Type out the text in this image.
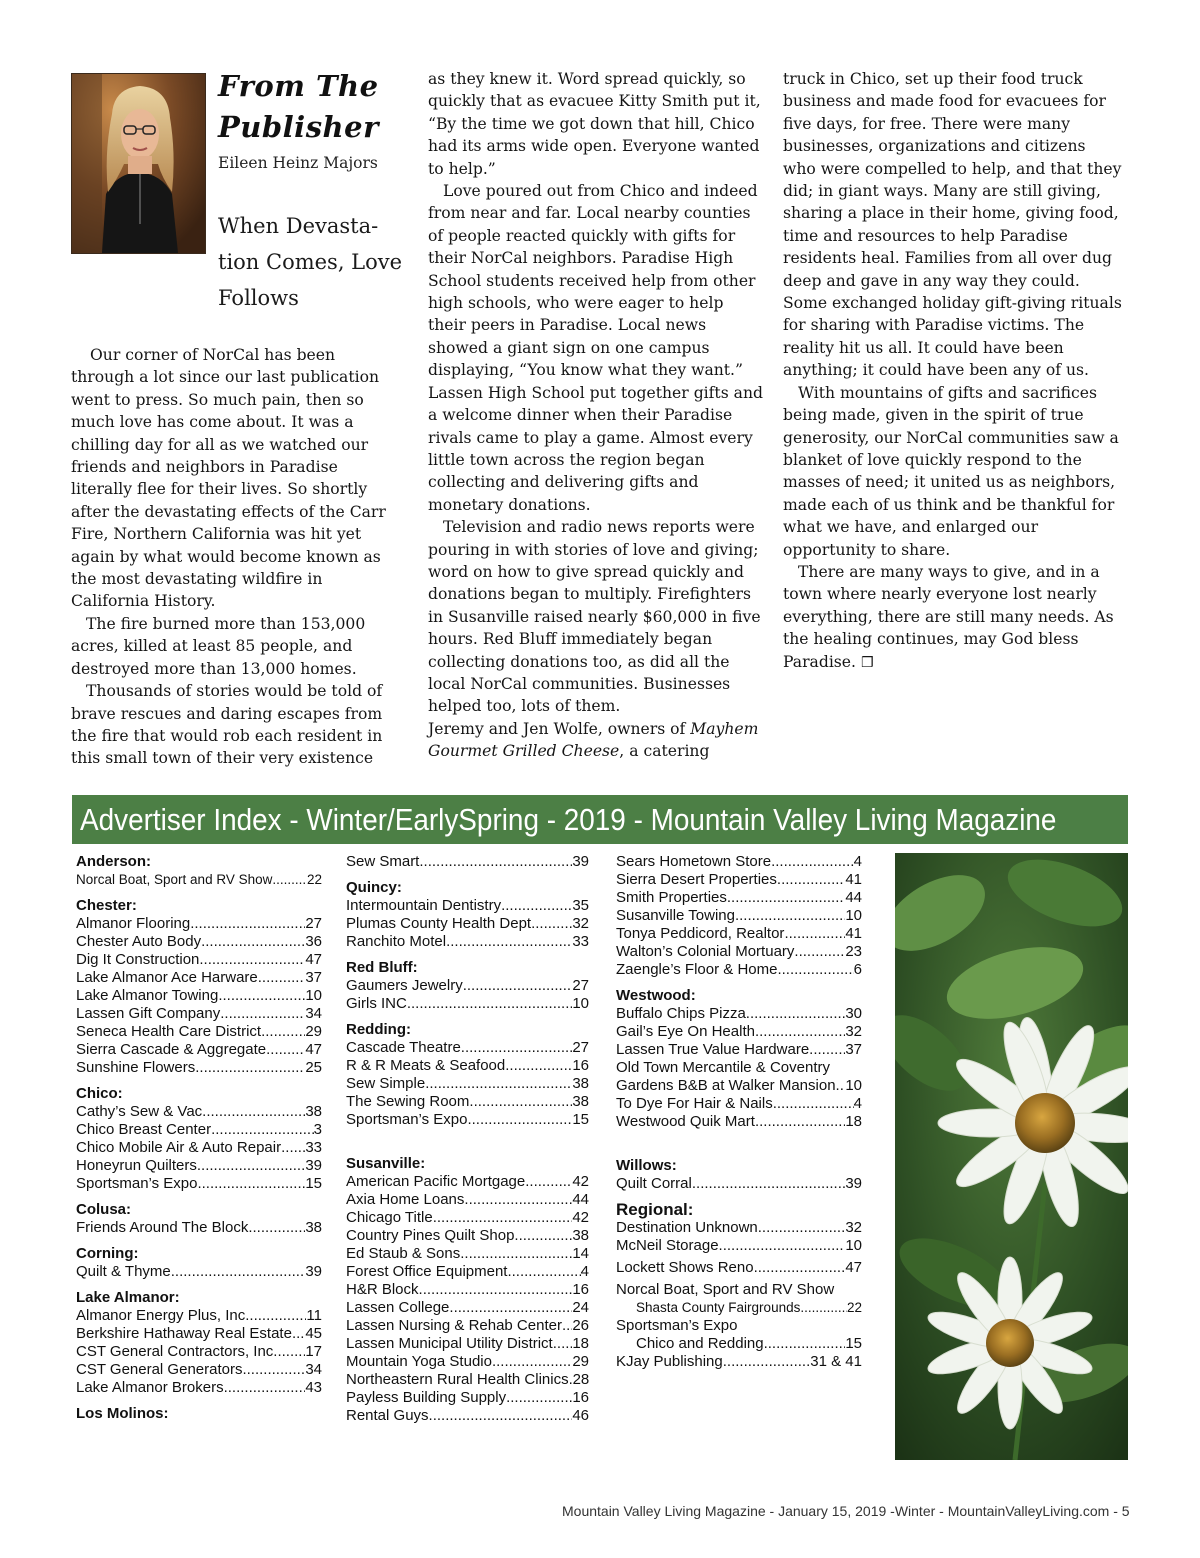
From The
Publisher
Eileen Heinz Majors
When Devasta-
tion Comes, Love
Follows

Our corner of NorCal has been through a lot since our last publication went to press. So much pain, then so much love has come about. It was a chilling day for all as we watched our friends and neighbors in Paradise literally flee for their lives. So shortly after the devastating effects of the Carr Fire, Northern California was hit yet again by what would become known as the most devastating wildfire in California History.

The fire burned more than 153,000 acres, killed at least 85 people, and destroyed more than 13,000 homes.

Thousands of stories would be told of brave rescues and daring escapes from the fire that would rob each resident in this small town of their very existence

as they knew it. Word spread quickly, so quickly that as evacuee Kitty Smith put it, “By the time we got down that hill, Chico had its arms wide open. Everyone wanted to help.”

Love poured out from Chico and indeed from near and far. Local nearby counties of people reacted quickly with gifts for their NorCal neighbors. Paradise High School students received help from other high schools, who were eager to help their peers in Paradise. Local news showed a giant sign on one campus displaying, “You know what they want.” Lassen High School put together gifts and a welcome dinner when their Paradise rivals came to play a game. Almost every little town across the region began collecting and delivering gifts and monetary donations.

Television and radio news reports were pouring in with stories of love and giving; word on how to give spread quickly and donations began to multiply. Firefighters in Susanville raised nearly $60,000 in five hours. Red Bluff immediately began collecting donations too, as did all the local NorCal communities. Businesses helped too, lots of them.

Jeremy and Jen Wolfe, owners of Mayhem Gourmet Grilled Cheese, a catering

truck in Chico, set up their food truck business and made food for evacuees for five days, for free. There were many businesses, organizations and citizens who were compelled to help, and that they did; in giant ways. Many are still giving, sharing a place in their home, giving food, time and resources to help Paradise residents heal. Families from all over dug deep and gave in any way they could. Some exchanged holiday gift-giving rituals for sharing with Paradise victims. The reality hit us all. It could have been anything; it could have been any of us.

With mountains of gifts and sacrifices being made, given in the spirit of true generosity, our NorCal communities saw a blanket of love quickly respond to the masses of need; it united us as neighbors, made each of us think and be thankful for what we have, and enlarged our opportunity to share.

There are many ways to give, and in a town where nearly everyone lost nearly everything, there are still many needs. As the healing continues, may God bless Paradise. ❒

Advertiser Index - Winter/EarlySpring - 2019 - Mountain Valley Living Magazine
Anderson:
Norcal Boat, Sport and RV Show .....	22
Chester:
Almanor Flooring .....	27
Chester Auto Body .....	36
Dig It Construction .....	47
Lake Almanor Ace Harware .....	37
Lake Almanor Towing .....	10
Lassen Gift Company .....	34
Seneca Health Care District .....	29
Sierra Cascade & Aggregate .....	47
Sunshine Flowers .....	25
Chico:
Cathy’s Sew & Vac .....	38
Chico Breast Center .....	3
Chico Mobile Air & Auto Repair ..... 33
Honeyrun Quilters .....	39
Sportsman’s Expo .....	15
Colusa:
Friends Around The Block .....	38
Corning:
Quilt & Thyme .....	39
Lake Almanor:
Almanor Energy Plus, Inc. .....	11
Berkshire Hathaway Real Estate ..... 45
CST General Contractors, Inc. ..... 17
CST General Generators .....	34
Lake Almanor Brokers .....	43
Los Molinos:
Sew Smart .....	39
Quincy:
Intermountain Dentistry .....	35
Plumas County Health Dept. ..... 32
Ranchito Motel .....	33
Red Bluff:
Gaumers Jewelry .....	27
Girls INC .....	10
Redding:
Cascade Theatre .....	27
R & R Meats & Seafood .....	16
Sew Simple .....	38
The Sewing Room .....	38
Sportsman’s Expo .....	15
Susanville:
American Pacific Mortgage .....	42
Axia Home Loans .....	44
Chicago Title .....	42
Country Pines Quilt Shop .....	38
Ed Staub & Sons .....	14
Forest Office Equipment .....	4
H&R Block .....	16
Lassen College .....	24
Lassen Nursing & Rehab Center ..... 26
Lassen Municipal Utility District ..... 18
Mountain Yoga Studio .....	29
Northeastern Rural Health Clinics ..... 28
Payless Building Supply .....	16
Rental Guys .....	46
Sears Hometown Store .....	4
Sierra Desert Properties .....	41
Smith Properties .....	44
Susanville Towing .....	10
Tonya Peddicord, Realtor .....	41
Walton’s Colonial Mortuary .....	23
Zaengle’s Floor & Home .....	6
Westwood:
Buffalo Chips Pizza .....	30
Gail’s Eye On Health .....	32
Lassen True Value Hardware ..... 37
Old Town Mercantile & Coventry
Gardens B&B at Walker Mansion ..... 10
To Dye For Hair & Nails .....	4
Westwood Quik Mart .....	18
Willows:
Quilt Corral .....	39
Regional:
Destination Unknown .....	32
McNeil Storage .....	10
Lockett Shows Reno .....	47
Norcal Boat, Sport and RV Show
Shasta County Fairgrounds .....	22
Sportsman’s Expo
Chico and Redding .....	15
KJay Publishing .....	31 & 41
Mountain Valley Living Magazine - January 15, 2019 -Winter - MountainValleyLiving.com - 5
